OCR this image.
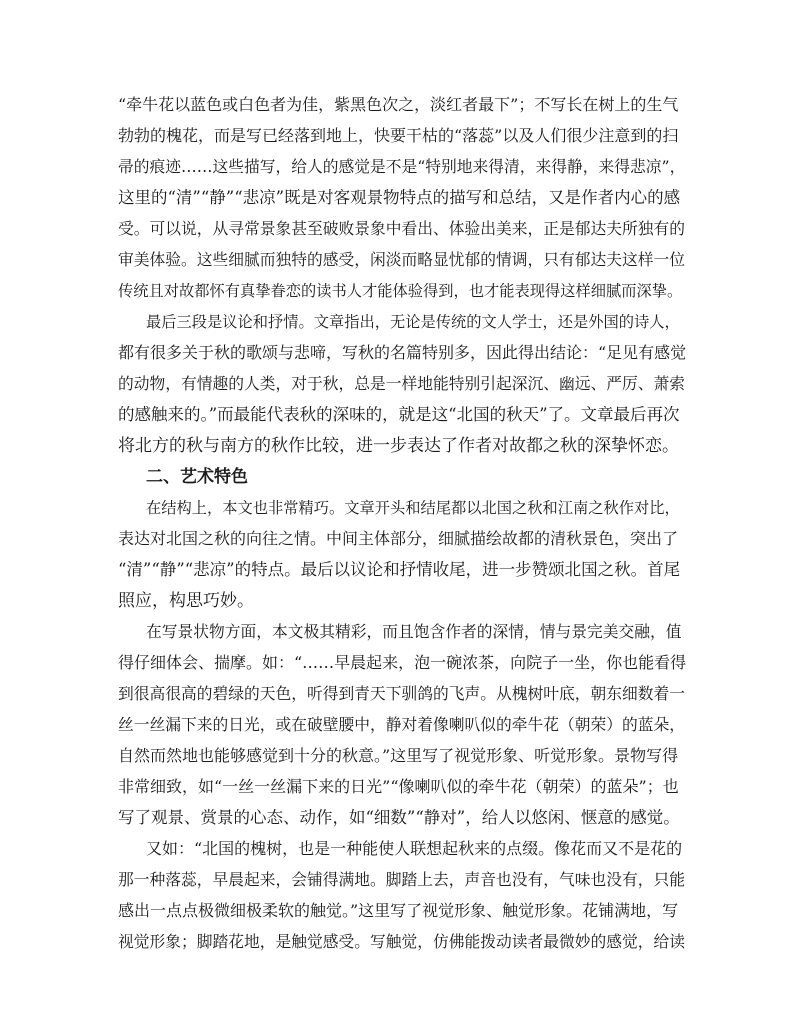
“牵牛花以蓝色或白色者为佳，紫黑色次之，淡红者最下”；不写长在树上的生气
勃勃的槐花，而是写已经落到地上，快要干枯的“落蕊”以及人们很少注意到的扫
帚的痕迹……这些描写，给人的感觉是不是“特别地来得清，来得静，来得悲凉”，
这里的“清”“静”“悲凉”既是对客观景物特点的描写和总结，又是作者内心的感
受。可以说，从寻常景象甚至破败景象中看出、体验出美来，正是郁达夫所独有的
审美体验。这些细腻而独特的感受，闲淡而略显忧郁的情调，只有郁达夫这样一位
传统且对故都怀有真挚眷恋的读书人才能体验得到，也才能表现得这样细腻而深挚。
最后三段是议论和抒情。文章指出，无论是传统的文人学士，还是外国的诗人，
都有很多关于秋的歌颂与悲啼，写秋的名篇特别多，因此得出结论：“足见有感觉
的动物，有情趣的人类，对于秋，总是一样地能特别引起深沉、幽远、严厉、萧索
的感触来的。”而最能代表秋的深味的，就是这“北国的秋天”了。文章最后再次
将北方的秋与南方的秋作比较，进一步表达了作者对故都之秋的深挚怀恋。
二、艺术特色
在结构上，本文也非常精巧。文章开头和结尾都以北国之秋和江南之秋作对比，
表达对北国之秋的向往之情。中间主体部分，细腻描绘故都的清秋景色，突出了
“清”“静”“悲凉”的特点。最后以议论和抒情收尾，进一步赞颂北国之秋。首尾
照应，构思巧妙。
在写景状物方面，本文极其精彩，而且饱含作者的深情，情与景完美交融，值
得仔细体会、揣摩。如：“……早晨起来，泡一碗浓茶，向院子一坐，你也能看得
到很高很高的碧绿的天色，听得到青天下驯鸽的飞声。从槐树叶底，朝东细数着一
丝一丝漏下来的日光，或在破壁腰中，静对着像喇叭似的牵牛花（朝荣）的蓝朵，
自然而然地也能够感觉到十分的秋意。”这里写了视觉形象、听觉形象。景物写得
非常细致，如“一丝一丝漏下来的日光”“像喇叭似的牵牛花（朝荣）的蓝朵”；也
写了观景、赏景的心态、动作，如“细数”“静对”，给人以悠闲、惬意的感觉。
又如：“北国的槐树，也是一种能使人联想起秋来的点缀。像花而又不是花的
那一种落蕊，早晨起来，会铺得满地。脚踏上去，声音也没有，气味也没有，只能
感出一点点极微细极柔软的触觉。”这里写了视觉形象、触觉形象。花铺满地，写
视觉形象；脚踏花地，是触觉感受。写触觉，仿佛能拨动读者最微妙的感觉，给读
